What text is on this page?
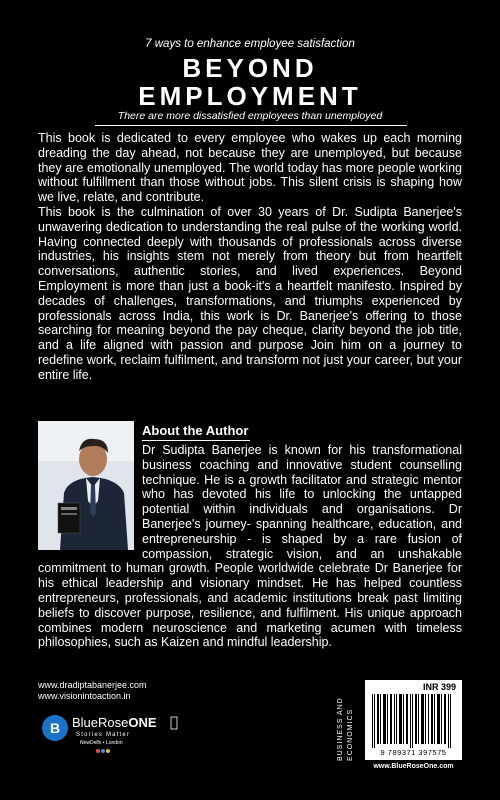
7 ways to enhance employee satisfaction
BEYOND
EMPLOYMENT
There are more dissatisfied employees than unemployed

This book is dedicated to every employee who wakes up each morning dreading the day ahead, not because they are unemployed, but because they are emotionally unemployed. The world today has more people working without fulfillment than those without jobs. This silent crisis is shaping how we live, relate, and contribute.

This book is the culmination of over 30 years of Dr. Sudipta Banerjee's unwavering dedication to understanding the real pulse of the working world. Having connected deeply with thousands of professionals across diverse industries, his insights stem not merely from theory but from heartfelt conversations, authentic stories, and lived experiences. Beyond Employment is more than just a book-it's a heartfelt manifesto. Inspired by decades of challenges, transformations, and triumphs experienced by professionals across India, this work is Dr. Banerjee's offering to those searching for meaning beyond the pay cheque, clarity beyond the job title, and a life aligned with passion and purpose Join him on a journey to redefine work, reclaim fulfilment, and transform not just your career, but your entire life.

About the Author

Dr Sudipta Banerjee is known for his transformational business coaching and innovative student counselling technique. He is a growth facilitator and strategic mentor who has devoted his life to unlocking the untapped potential within individuals and organisations. Dr Banerjee's journey- spanning healthcare, education, and entrepreneurship - is shaped by a rare fusion of compassion, strategic vision, and an unshakable commitment to human growth. People worldwide celebrate Dr Banerjee for his ethical leadership and visionary mindset. He has helped countless entrepreneurs, professionals, and academic institutions break past limiting beliefs to discover purpose, resilience, and fulfilment. His unique approach combines modern neuroscience and marketing acumen with timeless philosophies, such as Kaizen and mindful leadership.

www.dradiptabanerjee.com
www.visionintoaction.in
B BlueRoseONE
Stories Matter
NewDelhi • London	BUSINESS AND ECONOMICS
INR 399
9 789371 397575
www.BlueRoseOne.com
